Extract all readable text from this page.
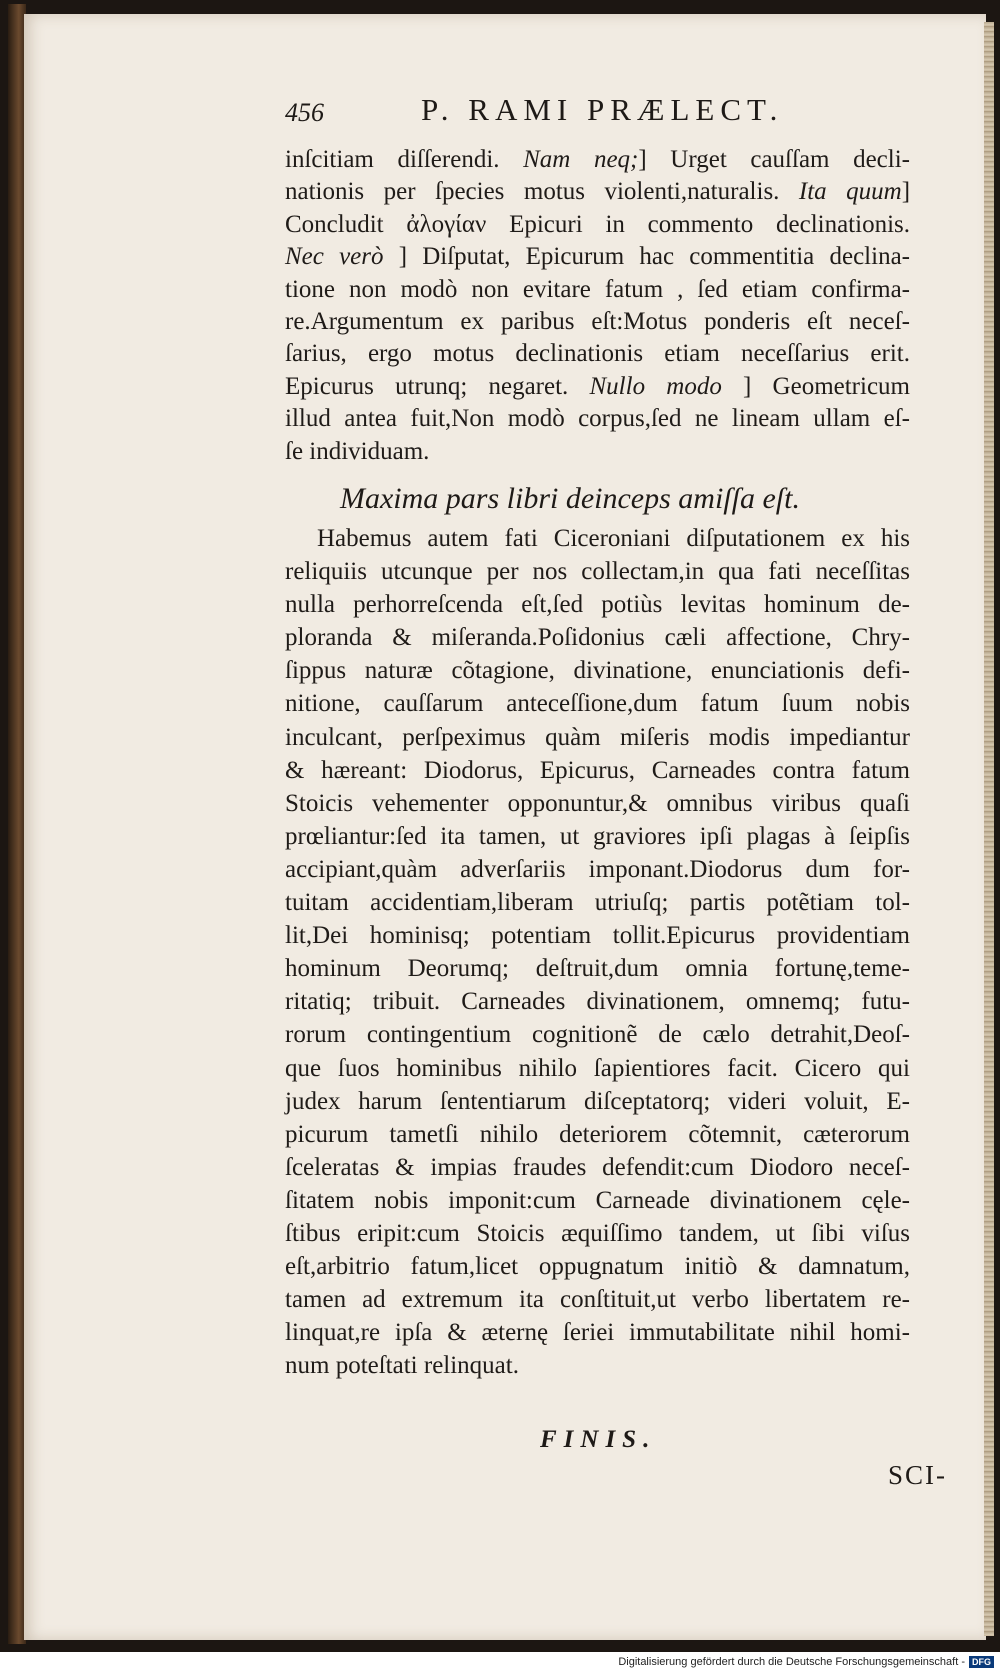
456	P. RAMI PRÆLECT.
inſcitiam diſſerendi. Nam neq;] Urget cauſſam decli-
nationis per ſpecies motus violenti,naturalis. Ita quum]
Concludit ἀλογίαν Epicuri in commento declinationis.
Nec verò ] Diſputat, Epicurum hac commentitia declina-
tione non modò non evitare fatum , ſed etiam confirma-
re.Argumentum ex paribus eſt:Motus ponderis eſt neceſ-
ſarius, ergo motus declinationis etiam neceſſarius erit.
Epicurus utrunq; negaret. Nullo modo ] Geometricum
illud antea fuit,Non modò corpus,ſed ne lineam ullam eſ-
ſe individuam.
Maxima pars libri deinceps amiſſa eſt.
Habemus autem fati Ciceroniani diſputationem ex his
reliquiis utcunque per nos collectam,in qua fati neceſſitas
nulla perhorreſcenda eſt,ſed potiùs levitas hominum de-
ploranda & miſeranda.Poſidonius cæli affectione, Chry-
ſippus naturæ cõtagione, divinatione, enunciationis defi-
nitione, cauſſarum anteceſſione,dum fatum ſuum nobis
inculcant, perſpeximus quàm miſeris modis impediantur
& hæreant: Diodorus, Epicurus, Carneades contra fatum
Stoicis vehementer opponuntur,& omnibus viribus quaſi
prœliantur:ſed ita tamen, ut graviores ipſi plagas à ſeipſis
accipiant,quàm adverſariis imponant.Diodorus dum for-
tuitam accidentiam,liberam utriuſq; partis potẽtiam tol-
lit,Dei hominisq; potentiam tollit.Epicurus providentiam
hominum Deorumq; deſtruit,dum omnia fortunę,teme-
ritatiq; tribuit. Carneades divinationem, omnemq; futu-
rorum contingentium cognitionẽ de cælo detrahit,Deoſ-
que ſuos hominibus nihilo ſapientiores facit. Cicero qui
judex harum ſententiarum diſceptatorq; videri voluit, E-
picurum tametſi nihilo deteriorem cõtemnit, cæterorum
ſceleratas & impias fraudes defendit:cum Diodoro neceſ-
ſitatem nobis imponit:cum Carneade divinationem cęle-
ſtibus eripit:cum Stoicis æquiſſimo tandem, ut ſibi viſus
eſt,arbitrio fatum,licet oppugnatum initiò & damnatum,
tamen ad extremum ita conſtituit,ut verbo libertatem re-
linquat,re ipſa & æternę ſeriei immutabilitate nihil homi-
num poteſtati relinquat.
FINIS.
SCI-
Digitalisierung gefördert durch die Deutsche Forschungsgemeinschaft - DFG
